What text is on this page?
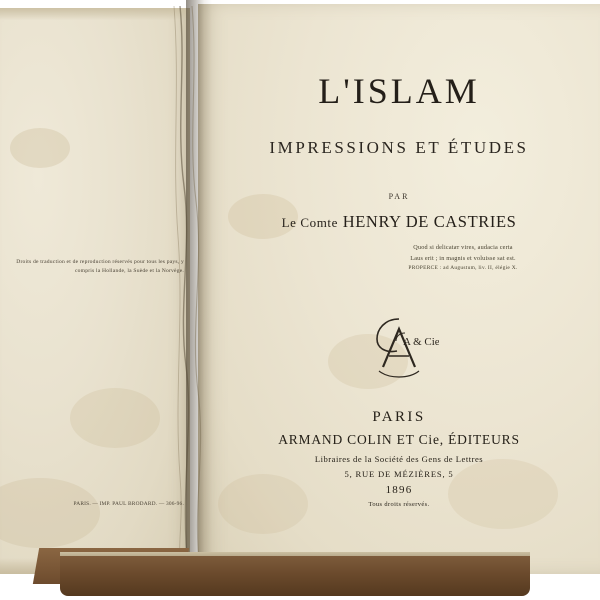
Droits de traduction et de reproduction réservés pour tous les pays, y compris la Hollande, la Suède et la Norvège.
PARIS. — IMP. PAUL BRODARD. — 306-96.
L'ISLAM
IMPRESSIONS ET ÉTUDES
PAR
Le Comte HENRY DE CASTRIES
Quod si delicatат vires, audacia certa
Laus erit ; in magnis et voluisse sat est.
PROPERCE : ad Augustum, liv. II, élégie X.
A & Cie
PARIS
ARMAND COLIN ET Cie, ÉDITEURS
Libraires de la Société des Gens de Lettres
5, RUE DE MÉZIÈRES, 5
1896
Tous droits réservés.
